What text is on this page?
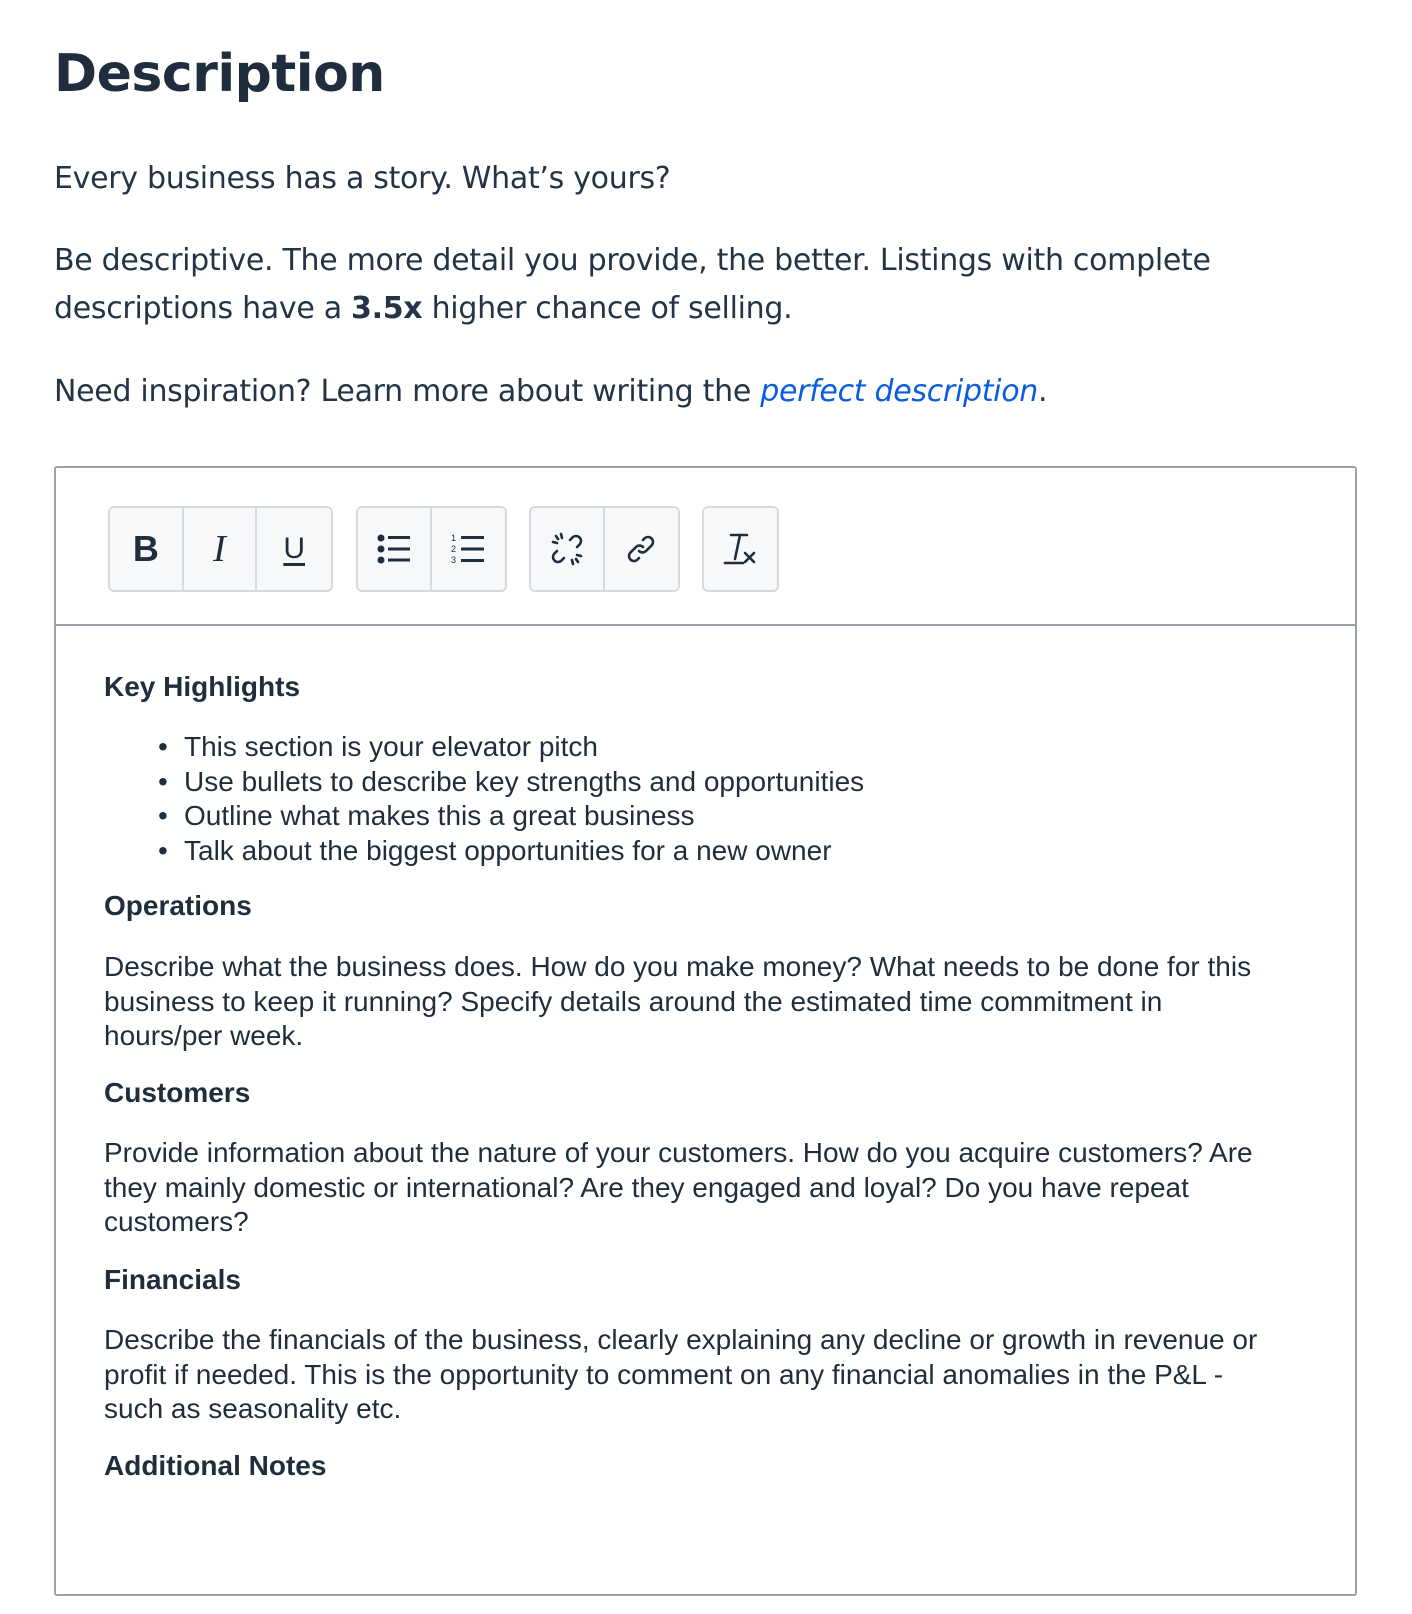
Description

Every business has a story. What’s yours?

Be descriptive. The more detail you provide, the better. Listings with complete descriptions have a 3.5x higher chance of selling.

Need inspiration? Learn more about writing the perfect description.

B I U	1
2
3

Key Highlights

• This section is your elevator pitch
• Use bullets to describe key strengths and opportunities
• Outline what makes this a great business
• Talk about the biggest opportunities for a new owner

Operations

Describe what the business does. How do you make money? What needs to be done for this business to keep it running? Specify details around the estimated time commitment in hours/per week.

Customers

Provide information about the nature of your customers. How do you acquire customers? Are they mainly domestic or international? Are they engaged and loyal? Do you have repeat customers?

Financials

Describe the financials of the business, clearly explaining any decline or growth in revenue or profit if needed. This is the opportunity to comment on any financial anomalies in the P&L - such as seasonality etc.

Additional Notes
